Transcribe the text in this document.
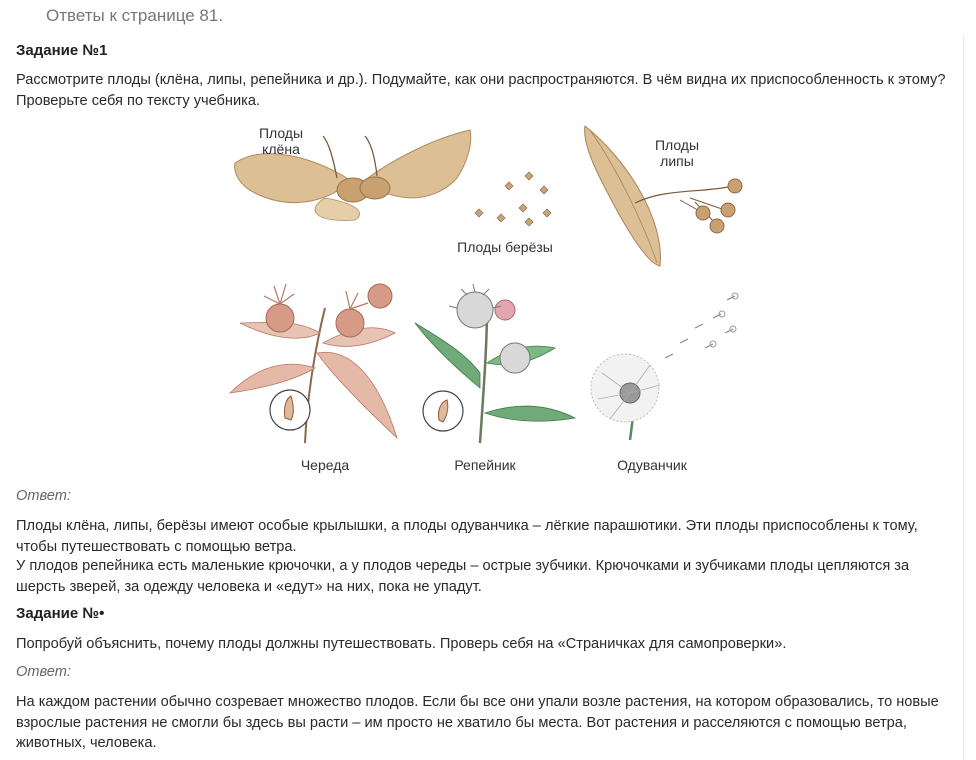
Ответы к странице 81.
Задание №1

Рассмотрите плоды (клёна, липы, репейника и др.). Подумайте, как они распространяются. В чём видна их приспособленность к этому? Проверьте себя по тексту учебника.

Плоды
клёна
Плоды берёзы
Плоды
липы
Череда	Репейник	Одуванчик
Ответ:

Плоды клёна, липы, берёзы имеют особые крылышки, а плоды одуванчика – лёгкие парашютики. Эти плоды приспособлены к тому, чтобы путешествовать с помощью ветра.

У плодов репейника есть маленькие крючочки, а у плодов череды – острые зубчики. Крючочками и зубчиками плоды цепляются за шерсть зверей, за одежду человека и «едут» на них, пока не упадут.

Задание №•

Попробуй объяснить, почему плоды должны путешествовать. Проверь себя на «Страничках для самопроверки».

Ответ:

На каждом растении обычно созревает множество плодов. Если бы все они упали возле растения, на котором образовались, то новые взрослые растения не смогли бы здесь вы расти – им просто не хватило бы места. Вот растения и расселяются с помощью ветра, животных, человека.
